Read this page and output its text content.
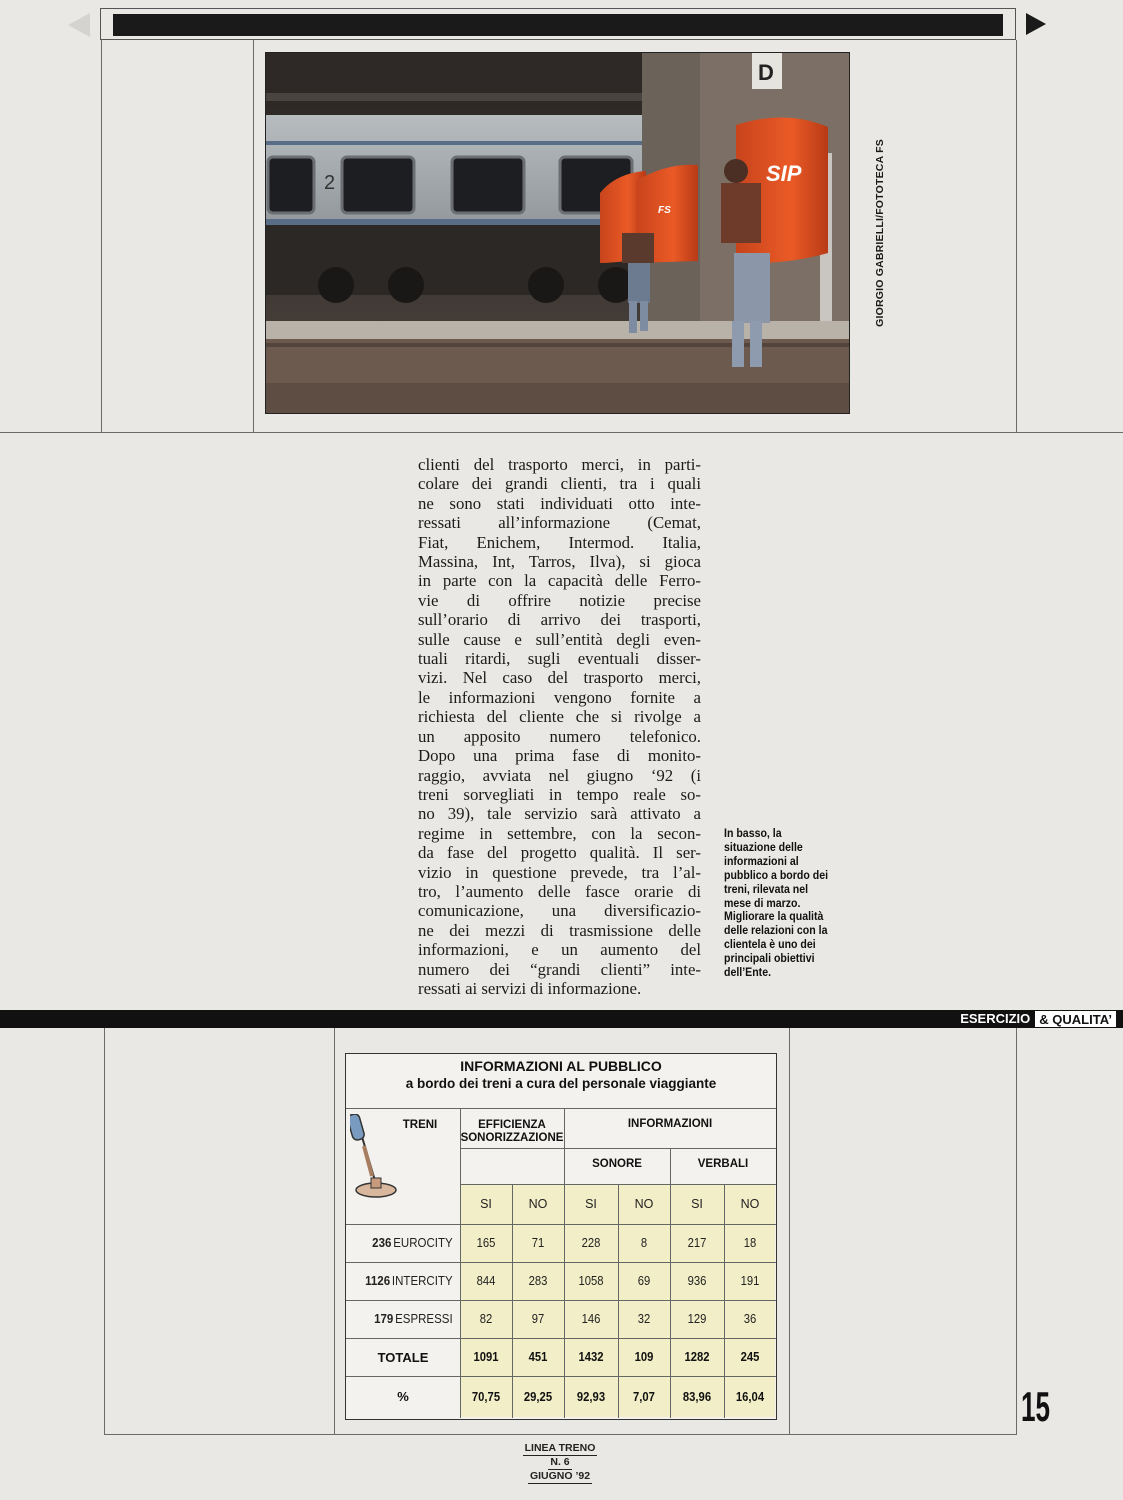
2
D
FS
SIP	GIORGIO GABRIELLI/FOTOTECA FS
clienti del trasporto merci, in parti-
colare dei grandi clienti, tra i quali
ne sono stati individuati otto inte-
ressati all’informazione (Cemat,
Fiat, Enichem, Intermod. Italia,
Massina, Int, Tarros, Ilva), si gioca
in parte con la capacità delle Ferro-
vie di offrire notizie precise
sull’orario di arrivo dei trasporti,
sulle cause e sull’entità degli even-
tuali ritardi, sugli eventuali disser-
vizi. Nel caso del trasporto merci,
le informazioni vengono fornite a
richiesta del cliente che si rivolge a
un apposito numero telefonico.
Dopo una prima fase di monito-
raggio, avviata nel giugno ‘92 (i
treni sorvegliati in tempo reale so-
no 39), tale servizio sarà attivato a
regime in settembre, con la secon-
da fase del progetto qualità. Il ser-
vizio in questione prevede, tra l’al-
tro, l’aumento delle fasce orarie di
comunicazione, una diversificazio-
ne dei mezzi di trasmissione delle
informazioni, e un aumento del
numero dei “grandi clienti” inte-
ressati ai servizi di informazione.
In basso, la
situazione delle
informazioni al
pubblico a bordo dei
treni, rilevata nel
mese di marzo.
Migliorare la qualità
delle relazioni con la
clientela è uno dei
principali obiettivi
dell’Ente.
ESERCIZIO & QUALITA’
INFORMAZIONI AL PUBBLICO
a bordo dei treni a cura del personale viaggiante
TRENI	EFFICIENZA SONORIZZAZIONE
INFORMAZIONI
SONORE	VERBALI
SI	NO	SI	NO	SI	NO
236 EUROCITY	165	71	228	8	217	18
1126 INTERCITY	844	283	1058	69	936	191
179 ESPRESSI	82	97	146	32	129	36
TOTALE	1091	451	1432	109	1282	245
%	70,75	29,25	92,93	7,07	83,96	16,04	15
LINEA TRENO
N. 6
GIUGNO ’92
